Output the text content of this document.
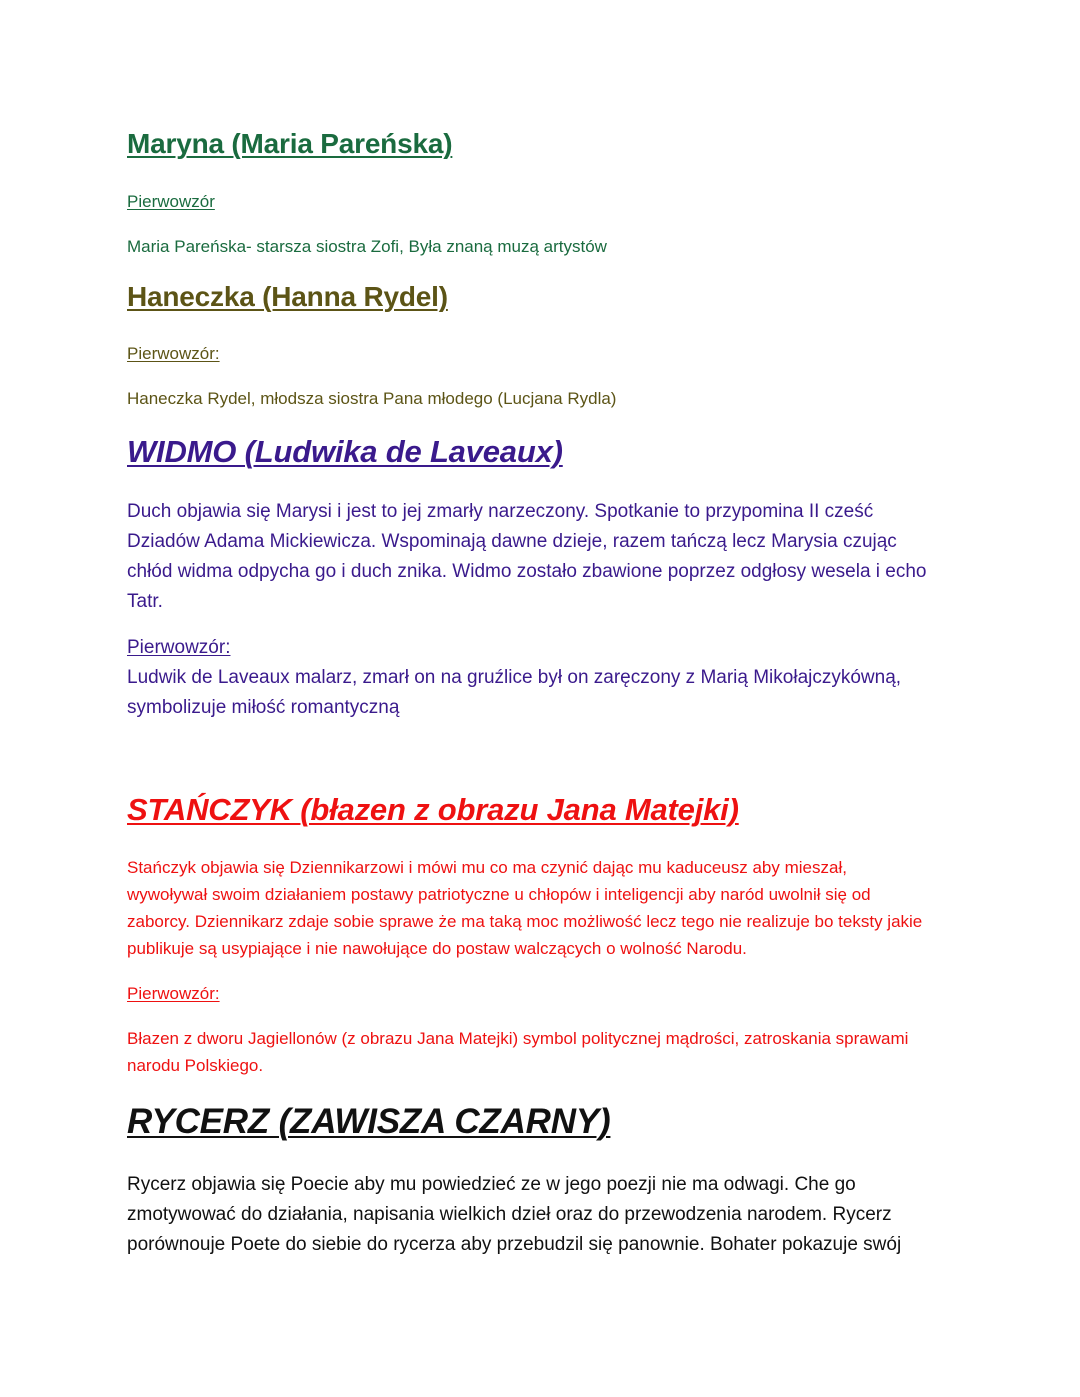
Maryna (Maria Pareńska)
Pierwowzór

Maria Pareńska- starsza siostra Zofi, Była znaną muzą artystów

Haneczka (Hanna Rydel)
Pierwowzór:

Haneczka Rydel, młodsza siostra Pana młodego (Lucjana Rydla)

WIDMO (Ludwika de Laveaux)

Duch objawia się Marysi i jest to jej zmarły narzeczony. Spotkanie to przypomina II cześć

Dziadów Adama Mickiewicza. Wspominają dawne dzieje, razem tańczą lecz Marysia czując

chłód widma odpycha go i duch znika. Widmo zostało zbawione poprzez odgłosy wesela i echo

Tatr.

Pierwowzór:

Ludwik de Laveaux malarz, zmarł on na gruźlice był on zaręczony z Marią Mikołajczykówną,

symbolizuje miłość romantyczną

STAŃCZYK (błazen z obrazu Jana Matejki)

Stańczyk objawia się Dziennikarzowi i mówi mu co ma czynić dając mu kaduceusz aby mieszał,

wywoływał swoim działaniem postawy patriotyczne u chłopów i inteligencji aby naród uwolnił się od

zaborcy. Dziennikarz zdaje sobie sprawe że ma taką moc możliwość lecz tego nie realizuje bo teksty jakie

publikuje są usypiające i nie nawołujące do postaw walczących o wolność Narodu.

Pierwowzór:

Błazen z dworu Jagiellonów (z obrazu Jana Matejki) symbol politycznej mądrości, zatroskania sprawami

narodu Polskiego.

RYCERZ (ZAWISZA CZARNY)

Rycerz objawia się Poecie aby mu powiedzieć ze w jego poezji nie ma odwagi. Che go

zmotywować do działania, napisania wielkich dzieł oraz do przewodzenia narodem. Rycerz

porównouje Poete do siebie do rycerza aby przebudzil się panownie. Bohater pokazuje swój
